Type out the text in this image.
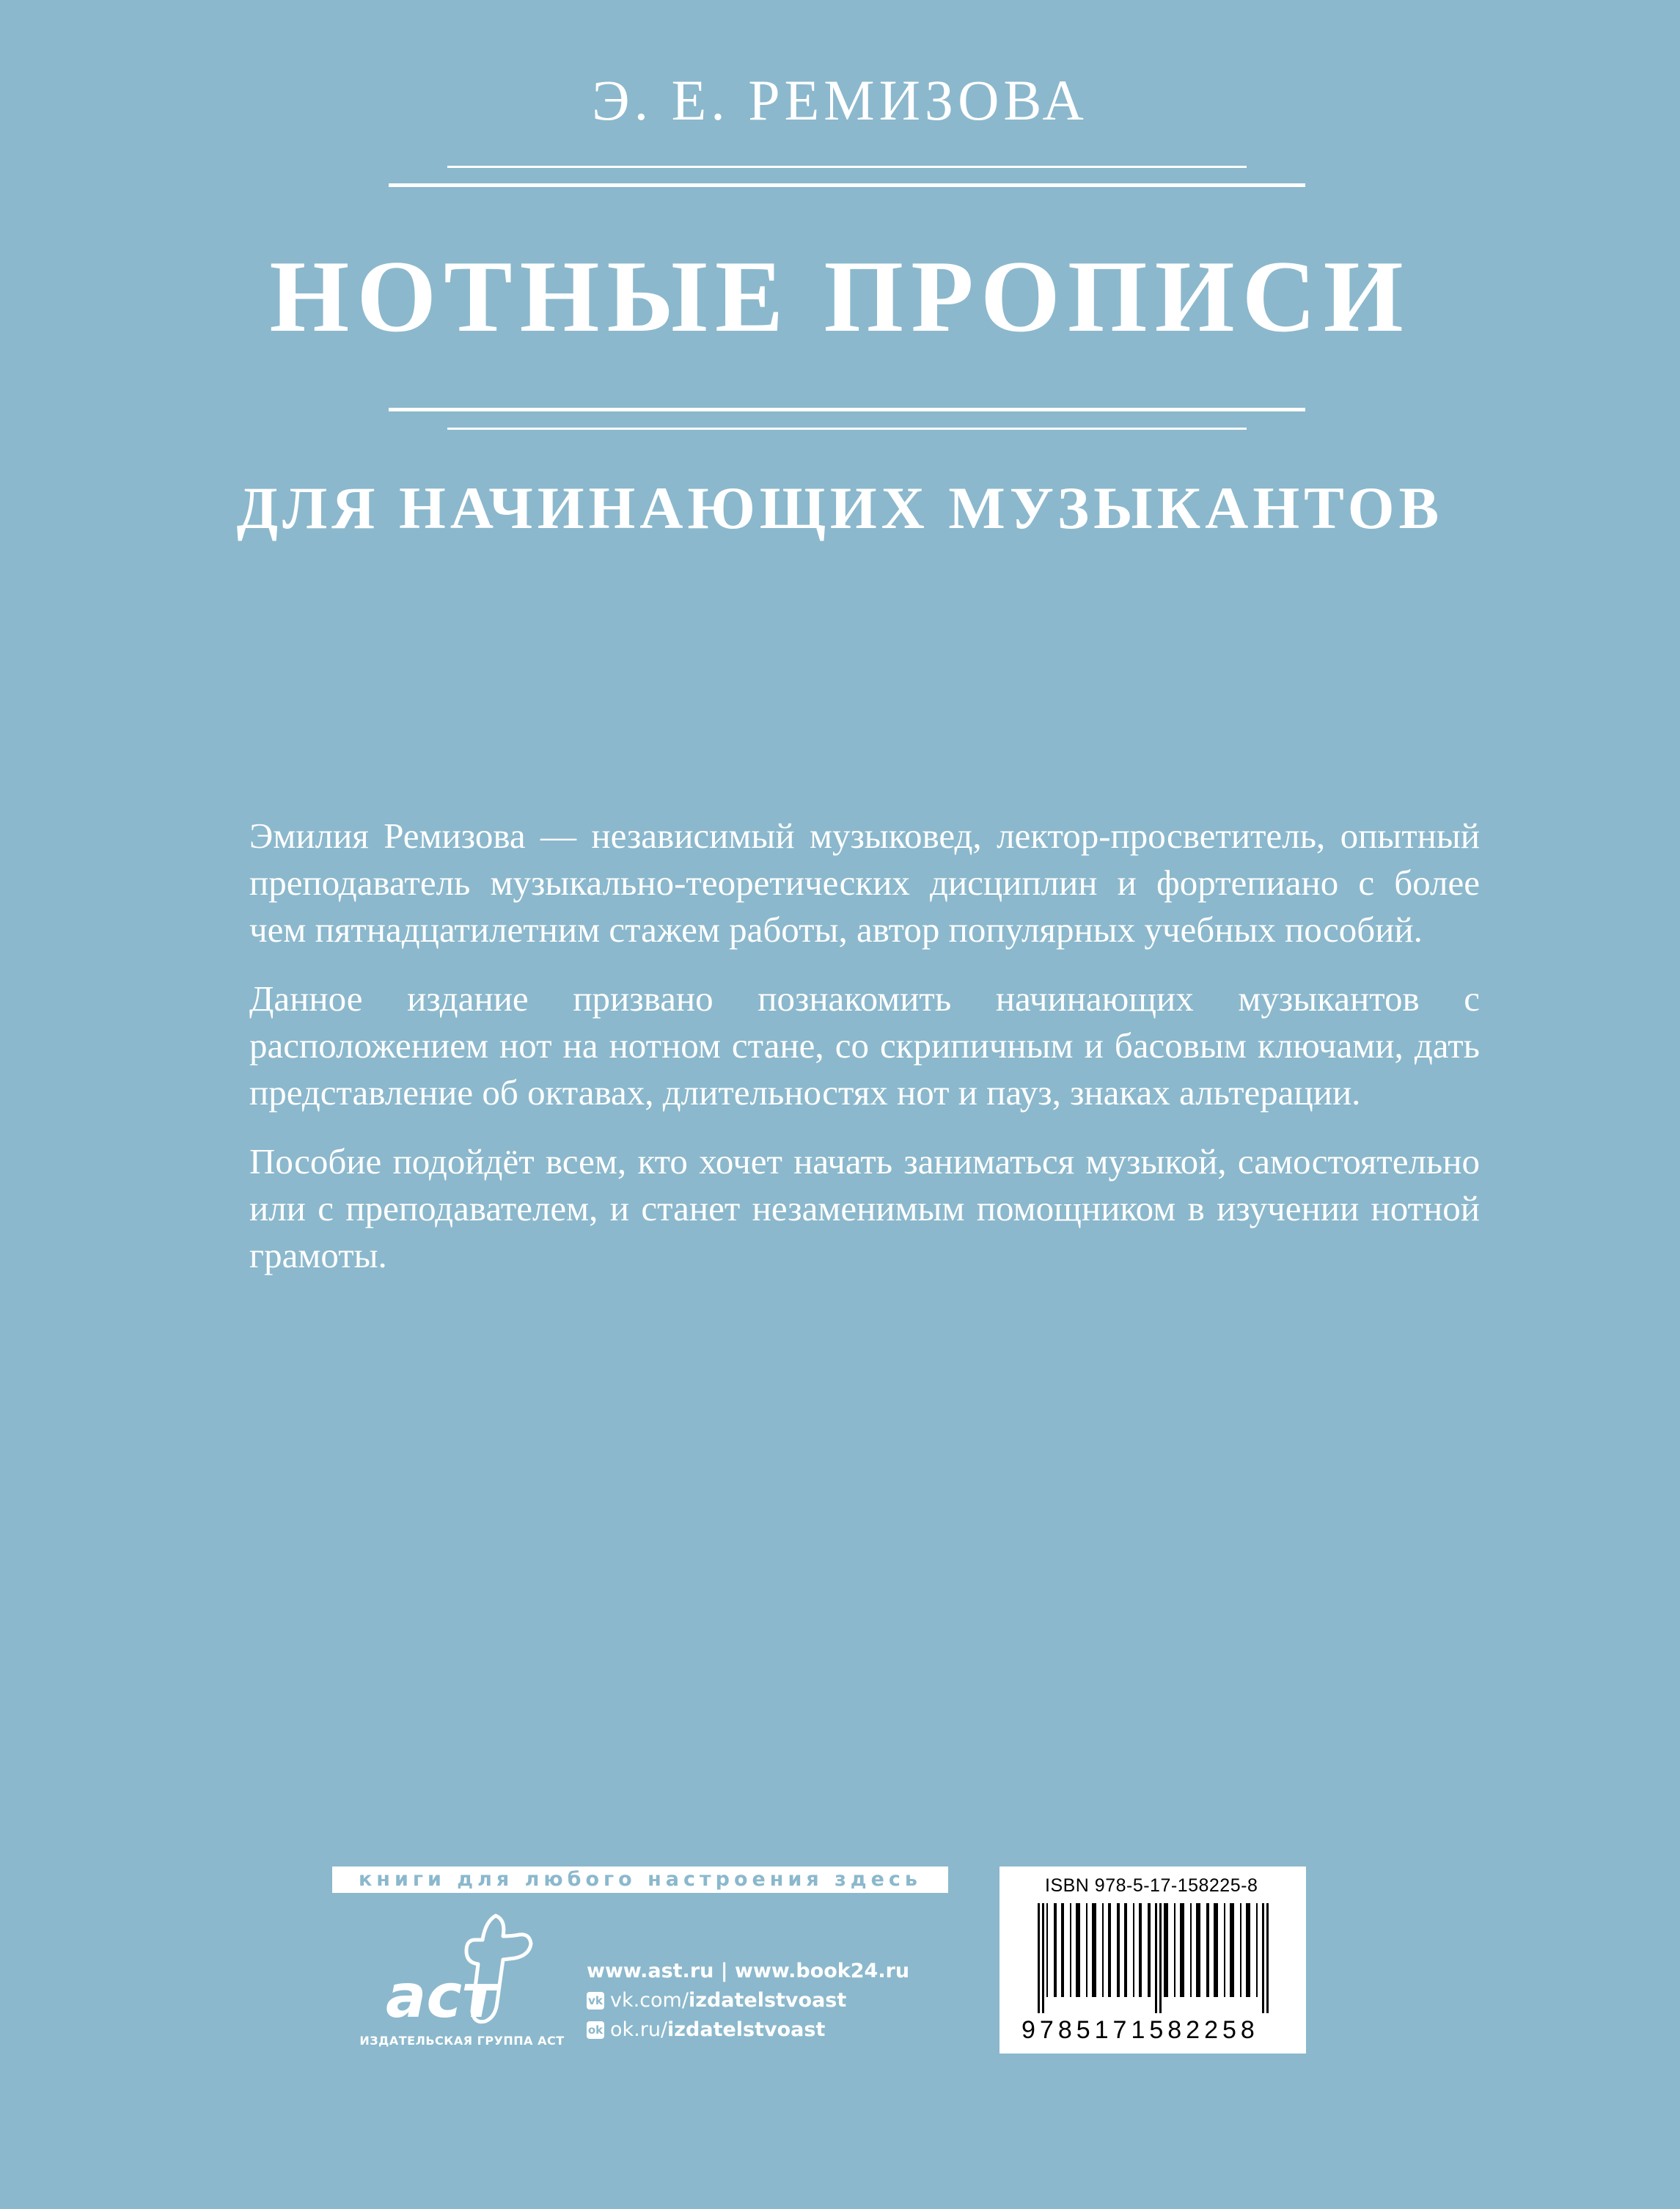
Э. Е. РЕМИЗОВА
НОТНЫЕ ПРОПИСИ
ДЛЯ НАЧИНАЮЩИХ МУЗЫКАНТОВ

Эмилия Ремизова — независимый музыковед, лектор-просветитель, опытный преподаватель музыкально-теоретических дисциплин и фортепиано с более чем пятнадцатилетним стажем работы, автор популярных учебных пособий.

Данное издание призвано познакомить начинающих музыкантов с расположением нот на нотном стане, со скрипичным и басовым ключами, дать представление об октавах, длительностях нот и пауз, знаках альтерации.

Пособие подойдёт всем, кто хочет начать заниматься музыкой, самостоятельно или с преподавателем, и станет незаменимым помощником в изучении нотной грамоты.

книги для любого настроения здесь
аст
ИЗДАТЕЛЬСКАЯ ГРУППА АСТ
www.ast.ru | www.book24.ru
vk vk.com/ izdatelstvoast
ok ok.ru/ izdatelstvoast
ISBN 978-5-17-158225-8
9785171582258
